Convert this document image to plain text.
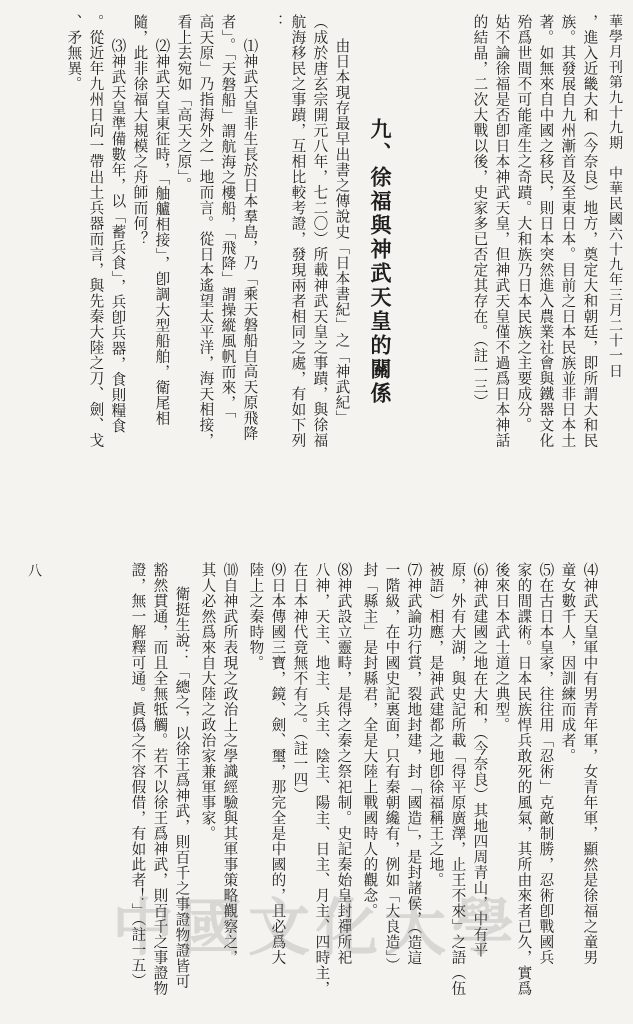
華學月刊第九十九期　中華民國六十九年三月二十一日
八
，進入近畿大和（今奈良）地方，奠定大和朝廷，即所謂大和民
族。其發展自九州漸首及至東日本。目前之日本民族並非日本土
著。如無來自中國之移民，則日本突然進入農業社會與鐵器文化
殆爲世間不可能產生之奇蹟。大和族乃日本民族之主要成分。
姑不論徐福是否卽日本神武天皇，但神武天皇僅不過爲日本神話
的結晶，二次大戰以後，史家多已否定其存在。（註一三）
九、徐福與神武天皇的關係
由日本現存最早出書之傳說史「日本書紀」之「神武紀」
（成於唐玄宗開元八年，七二〇）所載神武天皇之事蹟，與徐福
航海移民之事蹟，互相比較考證，發現兩者相同之處，有如下列
：
⑴神武天皇非生長於日本羣島，乃「乘天磐船自高天原飛降
者」。「天磐船」謂航海之樓船，「飛降」謂操縱風帆而來，「
高天原」乃指海外之一地而言。從日本遙望太平洋，海天相接，
看上去宛如「高天之原」。
⑵神武天皇東征時，「舳艫相接」，卽調大型船舶，衛尾相
隨，此非徐福大規模之舟師而何？
⑶神武天皇準備數年，以「蓄兵食」，兵卽兵器，食則糧食
。從近年九州日向一帶出土兵器而言，與先秦大陸之刀、劍、戈
、矛無異。
⑷神武天皇軍中有男青年軍，女青年軍，顯然是徐福之童男
童女數千人，因訓練而成者。
⑸在古日本皇家，往往用「忍術」克敵制勝，忍術卽戰國兵
家的間諜術。日本民族悍兵敢死的風氣，其所由來者已久，實爲
後來日本武士道之典型。
⑹神武建國之地在大和，（今奈良）其地四周青山，中有平
原，外有大湖，與史記所載「得平原廣澤，止王不來」之語（伍
被語）相應，是神武建都之地卽徐福稱王之地。
⑺神武論功行賞，裂地封建，封「國造」，是封諸侯，（造這
一階級，在中國史記裏面，只有秦朝纔有，例如「大良造」）
封「縣主」是封縣君，全是大陸上戰國時人的觀念。
⑻神武設立靈畤，是得之秦之祭祀制。史記秦始皇封禪所祀
八神，天主、地主、兵主、陰主、陽主、日主、月主、四時主，
在日本神代竟無不有之。（註一四）
⑼日本傳國三寶，鏡、劍、璽，那完全是中國的，且必爲大
陸上之秦時物。
⑽自神武所表現之政治上之學識經驗與其軍事策略觀察之，
其人必然爲來自大陸之政治家兼軍事家。
衛挺生說：「總之，以徐王爲神武，則百千之事證物證皆可
豁然貫通，而且全無牴觸。若不以徐王爲神武，則百千之事證物
證，無一解釋可通。眞僞之不容假借，有如此者！」（註一五）
中國文化大學
